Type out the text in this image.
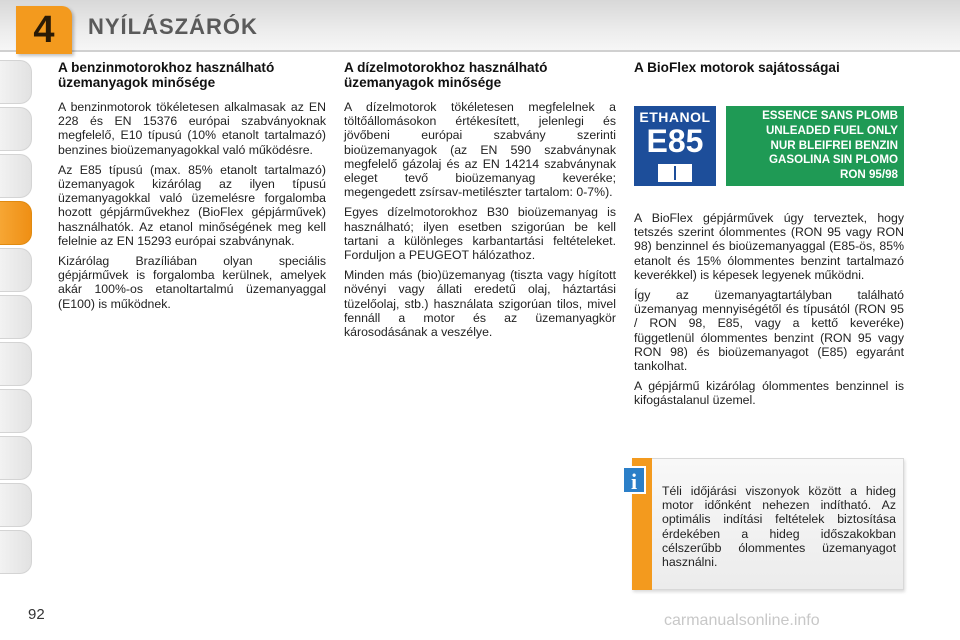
4	NYÍLÁSZÁRÓK
A benzinmotorokhoz használható üzemanyagok minősége

A benzinmotorok tökéletesen alkalmasak az EN 228 és EN 15376 európai szabványoknak megfelelő, E10 típusú (10% etanolt tartalmazó) benzines bioüzemanyagokkal való működésre.

Az E85 típusú (max. 85% etanolt tartalmazó) üzemanyagok kizárólag az ilyen típusú üzemanyagokkal való üzemelésre forgalomba hozott gépjárművekhez (BioFlex gépjárművek) használhatók. Az etanol minőségének meg kell felelnie az EN 15293 európai szabványnak.

Kizárólag Brazíliában olyan speciális gépjárművek is forgalomba kerülnek, amelyek akár 100%-os etanoltartalmú üzemanyaggal (E100) is működnek.

A dízelmotorokhoz használható üzemanyagok minősége

A dízelmotorok tökéletesen megfelelnek a töltőállomásokon értékesített, jelenlegi és jövőbeni európai szabvány szerinti bioüzemanyagok (az EN 590 szabványnak megfelelő gázolaj és az EN 14214 szabványnak eleget tevő bioüzemanyag keveréke; megengedett zsírsav-metilészter tartalom: 0-7%).

Egyes dízelmotorokhoz B30 bioüzemanyag is használható; ilyen esetben szigorúan be kell tartani a különleges karbantartási feltételeket. Forduljon a PEUGEOT hálózathoz.

Minden más (bio)üzemanyag (tiszta vagy hígított növényi vagy állati eredetű olaj, háztartási tüzelőolaj, stb.) használata szigorúan tilos, mivel fennáll a motor és az üzemanyagkör károsodásának a veszélye.

A BioFlex motorok sajátosságai

A BioFlex gépjárművek úgy terveztek, hogy tetszés szerint ólommentes (RON 95 vagy RON 98) benzinnel és bioüzemanyaggal (E85-ös, 85% etanolt és 15% ólommentes benzint tartalmazó keverékkel) is képesek legyenek működni.

Így az üzemanyagtartályban található üzemanyag mennyiségétől és típusától (RON 95 / RON 98, E85, vagy a kettő keveréke) függetlenül ólommentes benzint (RON 95 vagy RON 98) és bioüzemanyagot (E85) egyaránt tankolhat.

A gépjármű kizárólag ólommentes benzinnel is kifogástalanul üzemel.

ETHANOL
E85
ESSENCE SANS PLOMB
UNLEADED FUEL ONLY
NUR BLEIFREI BENZIN
GASOLINA SIN PLOMO
RON 95/98
i	Téli időjárási viszonyok között a hideg motor időnként nehezen indítható. Az optimális indítási feltételek biztosítása érdekében a hideg időszakokban célszerűbb ólommentes üzemanyagot használni.
92	carmanualsonline.info
